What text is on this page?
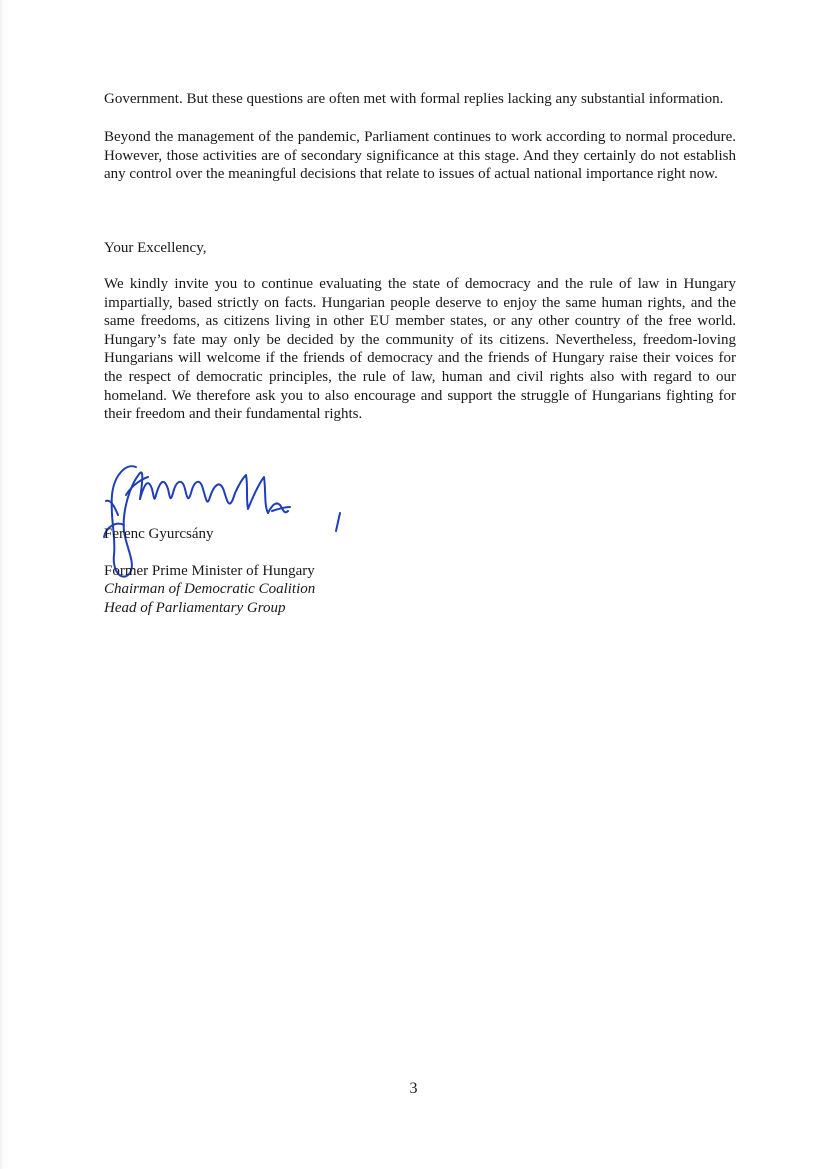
Government. But these questions are often met with formal replies lacking any substantial information.

Beyond the management of the pandemic, Parliament continues to work according to normal procedure. However, those activities are of secondary significance at this stage. And they certainly do not establish any control over the meaningful decisions that relate to issues of actual national importance right now.

Your Excellency,

We kindly invite you to continue evaluating the state of democracy and the rule of law in Hungary impartially, based strictly on facts. Hungarian people deserve to enjoy the same human rights, and the same freedoms, as citizens living in other EU member states, or any other country of the free world. Hungary’s fate may only be decided by the community of its citizens. Nevertheless, freedom-loving Hungarians will welcome if the friends of democracy and the friends of Hungary raise their voices for the respect of democratic principles, the rule of law, human and civil rights also with regard to our homeland. We therefore ask you to also encourage and support the struggle of Hungarians fighting for their freedom and their fundamental rights.

Ferenc Gyurcsány

Former Prime Minister of Hungary

Chairman of Democratic Coalition

Head of Parliamentary Group

3
